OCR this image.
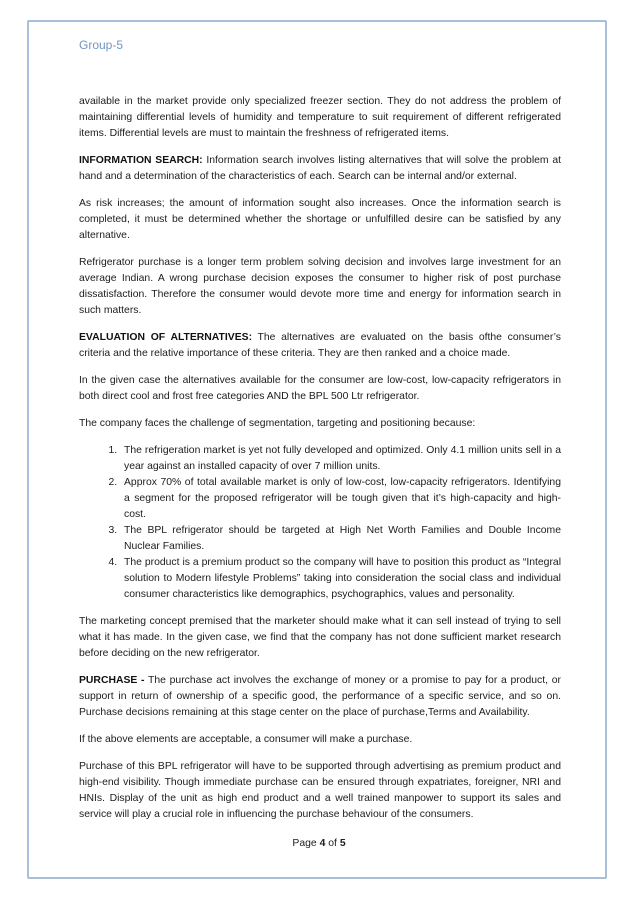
Group-5

available in the market provide only specialized freezer section. They do not address the problem of maintaining differential levels of humidity and temperature to suit requirement of different refrigerated items. Differential levels are must to maintain the freshness of refrigerated items.

INFORMATION SEARCH: Information search involves listing alternatives that will solve the problem at hand and a determination of the characteristics of each. Search can be internal and/or external.

As risk increases; the amount of information sought also increases. Once the information search is completed, it must be determined whether the shortage or unfulfilled desire can be satisfied by any alternative.

Refrigerator purchase is a longer term problem solving decision and involves large investment for an average Indian. A wrong purchase decision exposes the consumer to higher risk of post purchase dissatisfaction. Therefore the consumer would devote more time and energy for information search in such matters.

EVALUATION OF ALTERNATIVES: The alternatives are evaluated on the basis ofthe consumer’s criteria and the relative importance of these criteria. They are then ranked and a choice made.

In the given case the alternatives available for the consumer are low-cost, low-capacity refrigerators in both direct cool and frost free categories AND the BPL 500 Ltr refrigerator.

The company faces the challenge of segmentation, targeting and positioning because:

1. The refrigeration market is yet not fully developed and optimized. Only 4.1 million units sell in a year against an installed capacity of over 7 million units.
2. Approx 70% of total available market is only of low-cost, low-capacity refrigerators. Identifying a segment for the proposed refrigerator will be tough given that it’s high-capacity and high-cost.
3. The BPL refrigerator should be targeted at High Net Worth Families and Double Income Nuclear Families.
4. The product is a premium product so the company will have to position this product as “Integral solution to Modern lifestyle Problems” taking into consideration the social class and individual consumer characteristics like demographics, psychographics, values and personality.

The marketing concept premised that the marketer should make what it can sell instead of trying to sell what it has made. In the given case, we find that the company has not done sufficient market research before deciding on the new refrigerator.

PURCHASE - The purchase act involves the exchange of money or a promise to pay for a product, or support in return of ownership of a specific good, the performance of a specific service, and so on. Purchase decisions remaining at this stage center on the place of purchase,Terms and Availability.

If the above elements are acceptable, a consumer will make a purchase.

Purchase of this BPL refrigerator will have to be supported through advertising as premium product and high-end visibility. Though immediate purchase can be ensured through expatriates, foreigner, NRI and HNIs. Display of the unit as high end product and a well trained manpower to support its sales and service will play a crucial role in influencing the purchase behaviour of the consumers.

Page 4 of 5
